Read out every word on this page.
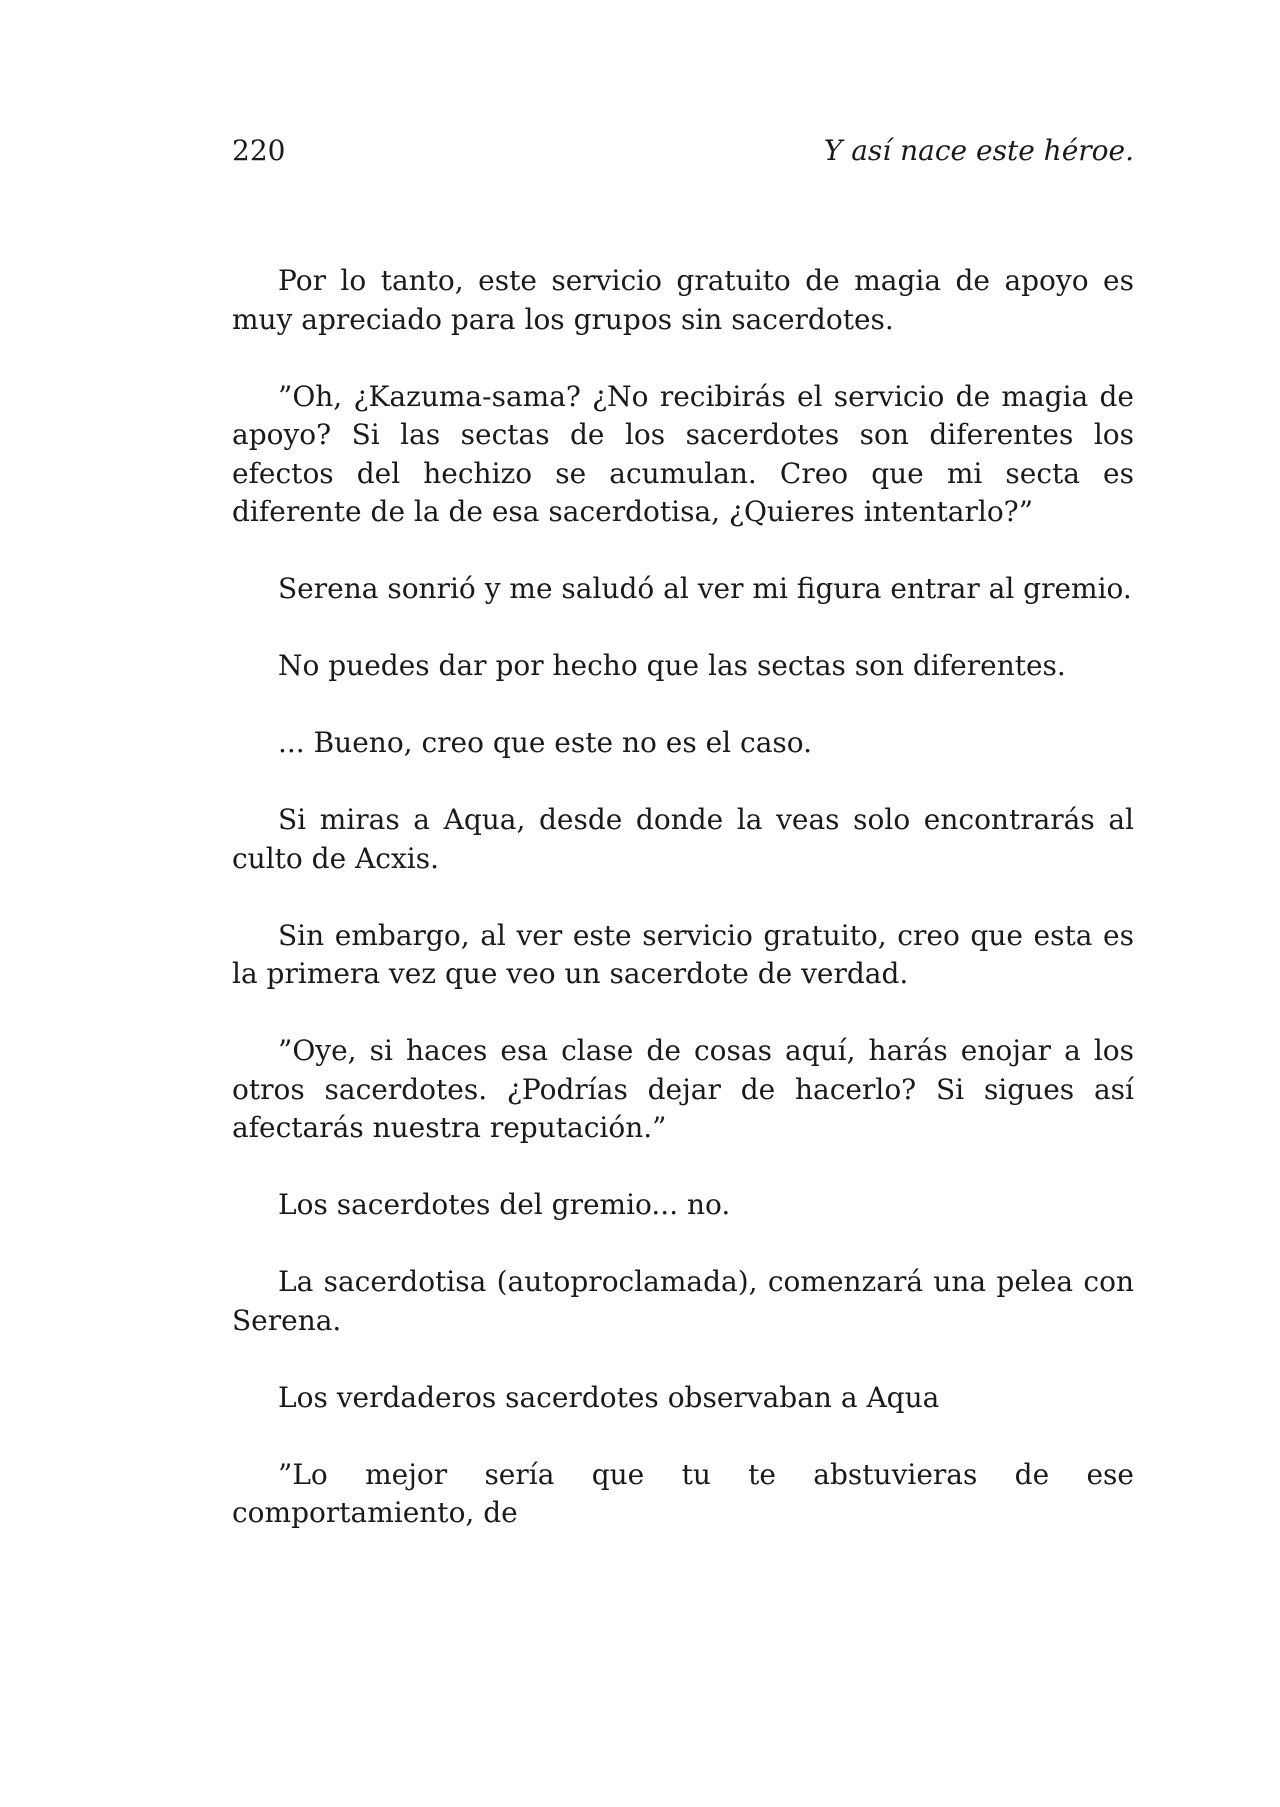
220	Y así nace este héroe.

Por lo tanto, este servicio gratuito de magia de apoyo es muy apreciado para los grupos sin sacerdotes.

”Oh, ¿Kazuma-sama? ¿No recibirás el servicio de magia de apoyo? Si las sectas de los sacerdotes son diferentes los efectos del hechizo se acumulan. Creo que mi secta es diferente de la de esa sacerdotisa, ¿Quieres intentarlo?”

Serena sonrió y me saludó al ver mi figura entrar al gremio.

No puedes dar por hecho que las sectas son diferentes.

... Bueno, creo que este no es el caso.

Si miras a Aqua, desde donde la veas solo encontrarás al culto de Acxis.

Sin embargo, al ver este servicio gratuito, creo que esta es la primera vez que veo un sacerdote de verdad.

”Oye, si haces esa clase de cosas aquí, harás enojar a los otros sacerdotes. ¿Podrías dejar de hacerlo? Si sigues así afectarás nuestra reputación.”

Los sacerdotes del gremio... no.

La sacerdotisa (autoproclamada), comenzará una pelea con Serena.

Los verdaderos sacerdotes observaban a Aqua

”Lo mejor sería que tu te abstuvieras de ese comportamiento, de
